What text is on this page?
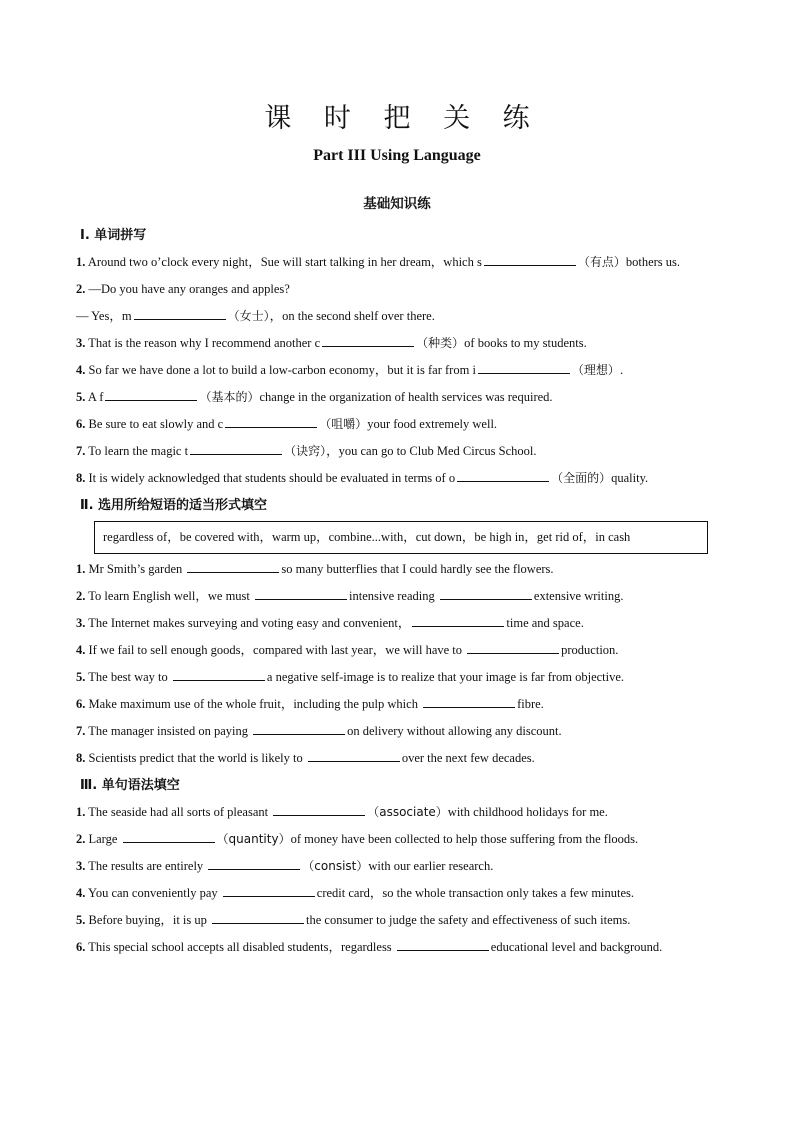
课 时 把 关 练
Part III Using Language
基础知识练
Ⅰ. 单词拼写
1. Around two o’clock every night，Sue will start talking in her dream，which s	（有点）bothers us.
2. —Do you have any oranges and apples?
— Yes，m	（女士），on the second shelf over there.
3. That is the reason why I recommend another c	（种类）of books to my students.
4. So far we have done a lot to build a low-carbon economy，but it is far from i	（理想）.
5. A f	（基本的）change in the organization of health services was required.
6. Be sure to eat slowly and c	（咀嚼）your food extremely well.
7. To learn the magic t	（诀窍），you can go to Club Med Circus School.
8. It is widely acknowledged that students should be evaluated in terms of o	（全面的）quality.
Ⅱ. 选用所给短语的适当形式填空
regardless of，be covered with，warm up，combine...with，cut down，be high in，get rid of，in cash
1. Mr Smith’s garden	so many butterflies that I could hardly see the flowers.
2. To learn English well，we must	intensive reading	extensive writing.
3. The Internet makes surveying and voting easy and convenient，	time and space.
4. If we fail to sell enough goods，compared with last year，we will have to	production.
5. The best way to	a negative self-image is to realize that your image is far from objective.
6. Make maximum use of the whole fruit，including the pulp which	fibre.
7. The manager insisted on paying	on delivery without allowing any discount.
8. Scientists predict that the world is likely to	over the next few decades.
Ⅲ. 单句语法填空
1. The seaside had all sorts of pleasant	（associate）with childhood holidays for me.
2. Large	（quantity）of money have been collected to help those suffering from the floods.
3. The results are entirely	（consist）with our earlier research.
4. You can conveniently pay	credit card，so the whole transaction only takes a few minutes.
5. Before buying，it is up	the consumer to judge the safety and effectiveness of such items.
6. This special school accepts all disabled students，regardless	educational level and background.
